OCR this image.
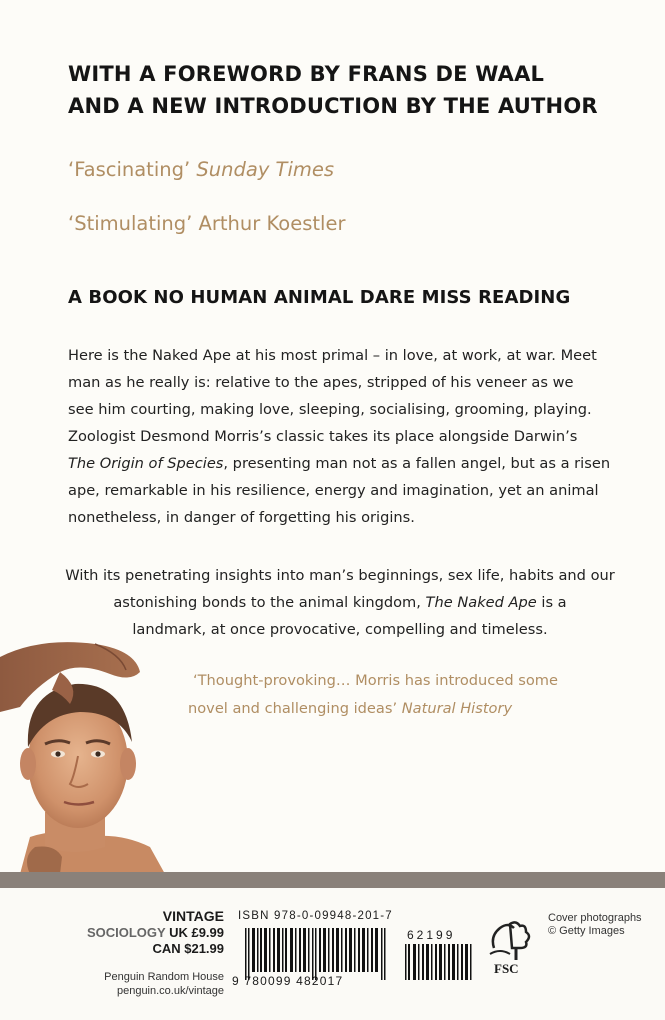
WITH A FOREWORD BY FRANS DE WAAL
AND A NEW INTRODUCTION BY THE AUTHOR
‘Fascinating’ Sunday Times
‘Stimulating’ Arthur Koestler
A BOOK NO HUMAN ANIMAL DARE MISS READING
Here is the Naked Ape at his most primal – in love, at work, at war. Meet
man as he really is: relative to the apes, stripped of his veneer as we
see him courting, making love, sleeping, socialising, grooming, playing.
Zoologist Desmond Morris’s classic takes its place alongside Darwin’s
The Origin of Species, presenting man not as a fallen angel, but as a risen
ape, remarkable in his resilience, energy and imagination, yet an animal
nonetheless, in danger of forgetting his origins.
With its penetrating insights into man’s beginnings, sex life, habits and our
astonishing bonds to the animal kingdom, The Naked Ape is a
landmark, at once provocative, compelling and timeless.
‘Thought-provoking… Morris has introduced some
novel and challenging ideas’ Natural History
VINTAGE
SOCIOLOGY UK £9.99
CAN $21.99
Penguin Random House
penguin.co.uk/vintage
ISBN 978-0-09948-201-7
9 780099 482017
62199
FSC
Cover photographs
© Getty Images
